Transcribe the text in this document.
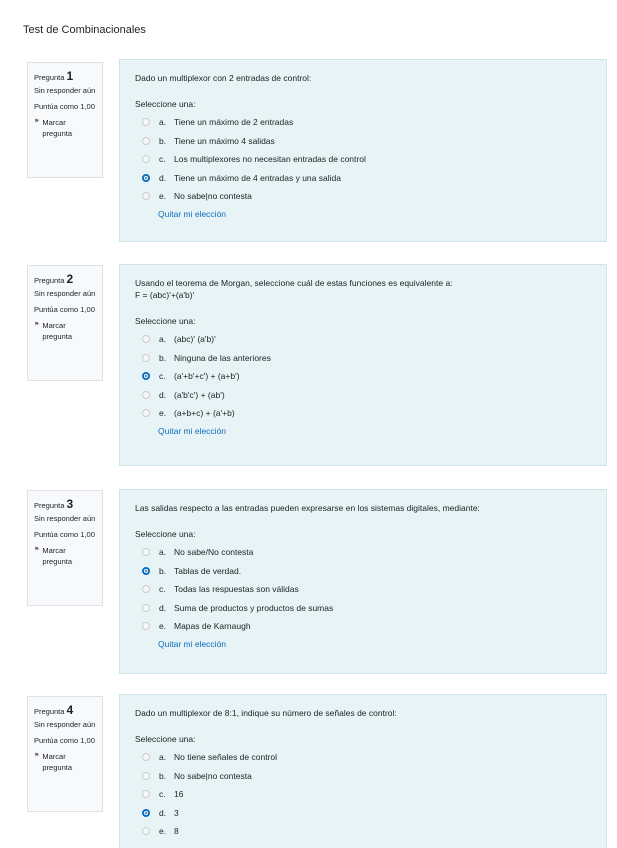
Test de Combinacionales
Pregunta 1
Sin responder aún
Puntúa como 1,00
⚑ Marcar pregunta
Dado un multiplexor con 2 entradas de control:
Seleccione una:
a. Tiene un máximo de 2 entradas
b. Tiene un máximo 4 salidas
c. Los multiplexores no necesitan entradas de control
d. Tiene un máximo de 4 entradas y una salida
e. No sabe|no contesta
Quitar mi elección
Pregunta 2
Sin responder aún
Puntúa como 1,00
⚑ Marcar pregunta
Usando el teorema de Morgan, seleccione cuál de estas funciones es equivalente a:
F = (abc)'+(a'b)'
Seleccione una:
a. (abc)' (a'b)'
b. Ninguna de las anteriores
c. (a'+b'+c') + (a+b')
d. (a'b'c') + (ab')
e. (a+b+c) + (a'+b)
Quitar mi elección
Pregunta 3
Sin responder aún
Puntúa como 1,00
⚑ Marcar pregunta
Las salidas respecto a las entradas pueden expresarse en los sistemas digitales, mediante:
Seleccione una:
a. No sabe/No contesta
b. Tablas de verdad.
c. Todas las respuestas son válidas
d. Suma de productos y productos de sumas
e. Mapas de Karnaugh
Quitar mi elección
Pregunta 4
Sin responder aún
Puntúa como 1,00
⚑ Marcar pregunta
Dado un multiplexor de 8:1, indique su número de señales de control:
Seleccione una:
a. No tiene señales de control
b. No sabe|no contesta
c. 16
d. 3
e. 8
